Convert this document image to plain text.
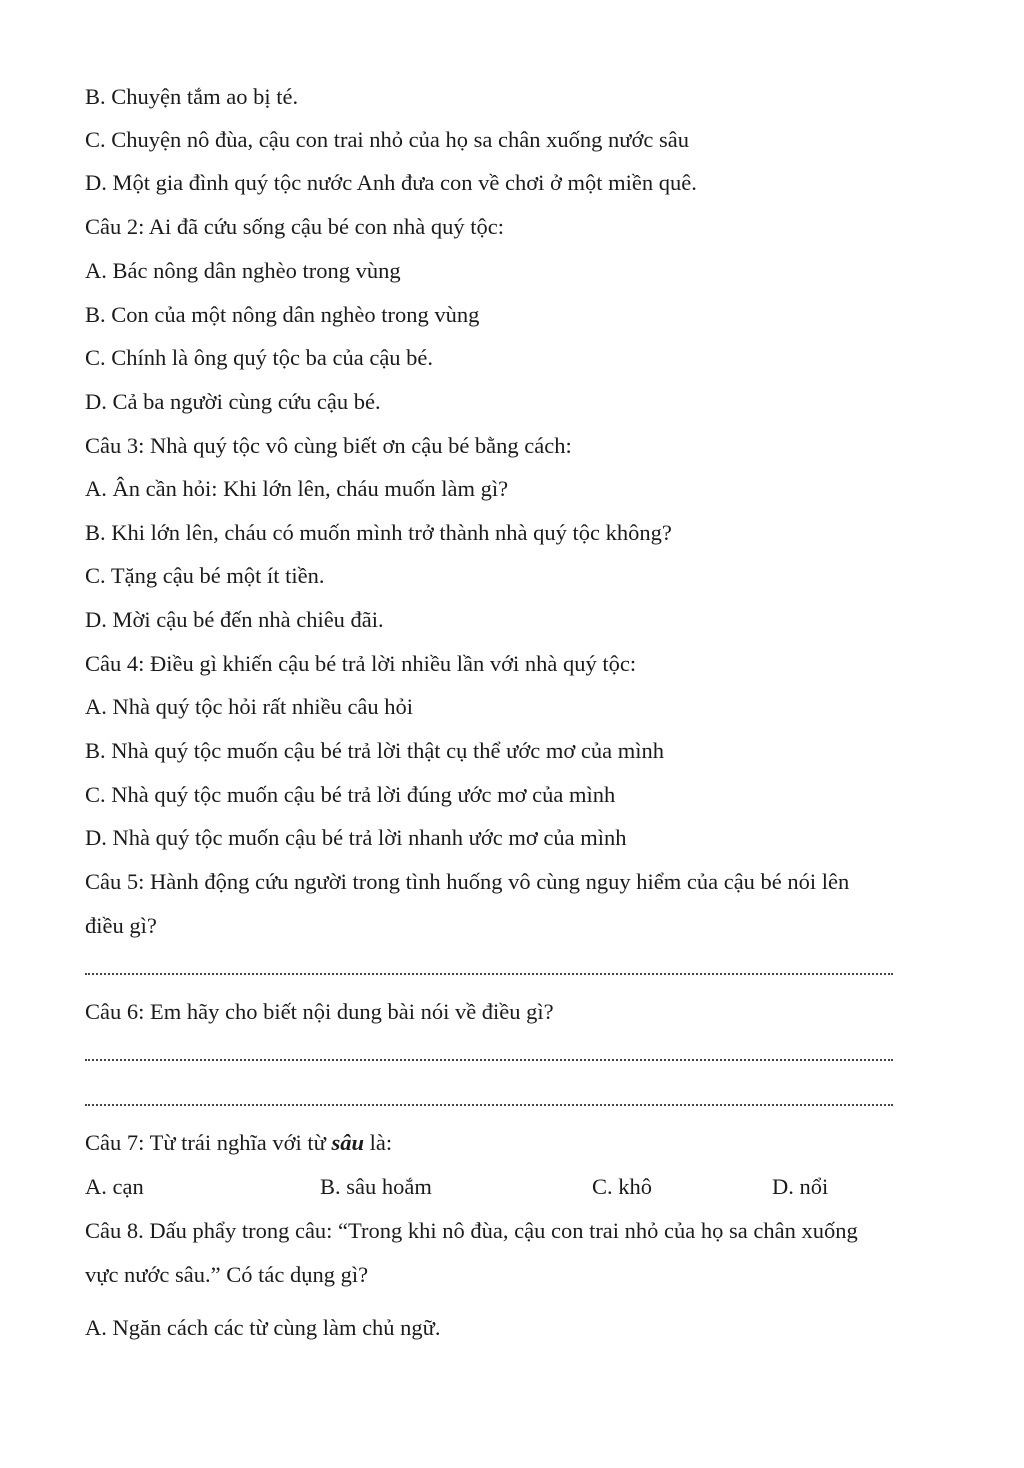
B. Chuyện tắm ao bị té.

C. Chuyện nô đùa, cậu con trai nhỏ của họ sa chân xuống nước sâu

D. Một gia đình quý tộc nước Anh đưa con về chơi ở một miền quê.

Câu 2: Ai đã cứu sống cậu bé con nhà quý tộc:

A. Bác nông dân nghèo trong vùng

B. Con của một nông dân nghèo trong vùng

C. Chính là ông quý tộc ba của cậu bé.

D. Cả ba người cùng cứu cậu bé.

Câu 3: Nhà quý tộc vô cùng biết ơn cậu bé bằng cách:

A. Ân cần hỏi: Khi lớn lên, cháu muốn làm gì?

B. Khi lớn lên, cháu có muốn mình trở thành nhà quý tộc không?

C. Tặng cậu bé một ít tiền.

D. Mời cậu bé đến nhà chiêu đãi.

Câu 4: Điều gì khiến cậu bé trả lời nhiều lần với nhà quý tộc:

A. Nhà quý tộc hỏi rất nhiều câu hỏi

B. Nhà quý tộc muốn cậu bé trả lời thật cụ thể ước mơ của mình

C. Nhà quý tộc muốn cậu bé trả lời đúng ước mơ của mình

D. Nhà quý tộc muốn cậu bé trả lời nhanh ước mơ của mình

Câu 5: Hành động cứu người trong tình huống vô cùng nguy hiểm của cậu bé nói lên

điều gì?

Câu 6: Em hãy cho biết nội dung bài nói về điều gì?

Câu 7: Từ trái nghĩa với từ sâu là:

A. cạn	B. sâu hoắm	C. khô	D. nổi

Câu 8. Dấu phẩy trong câu: “Trong khi nô đùa, cậu con trai nhỏ của họ sa chân xuống

vực nước sâu.” Có tác dụng gì?

A. Ngăn cách các từ cùng làm chủ ngữ.
